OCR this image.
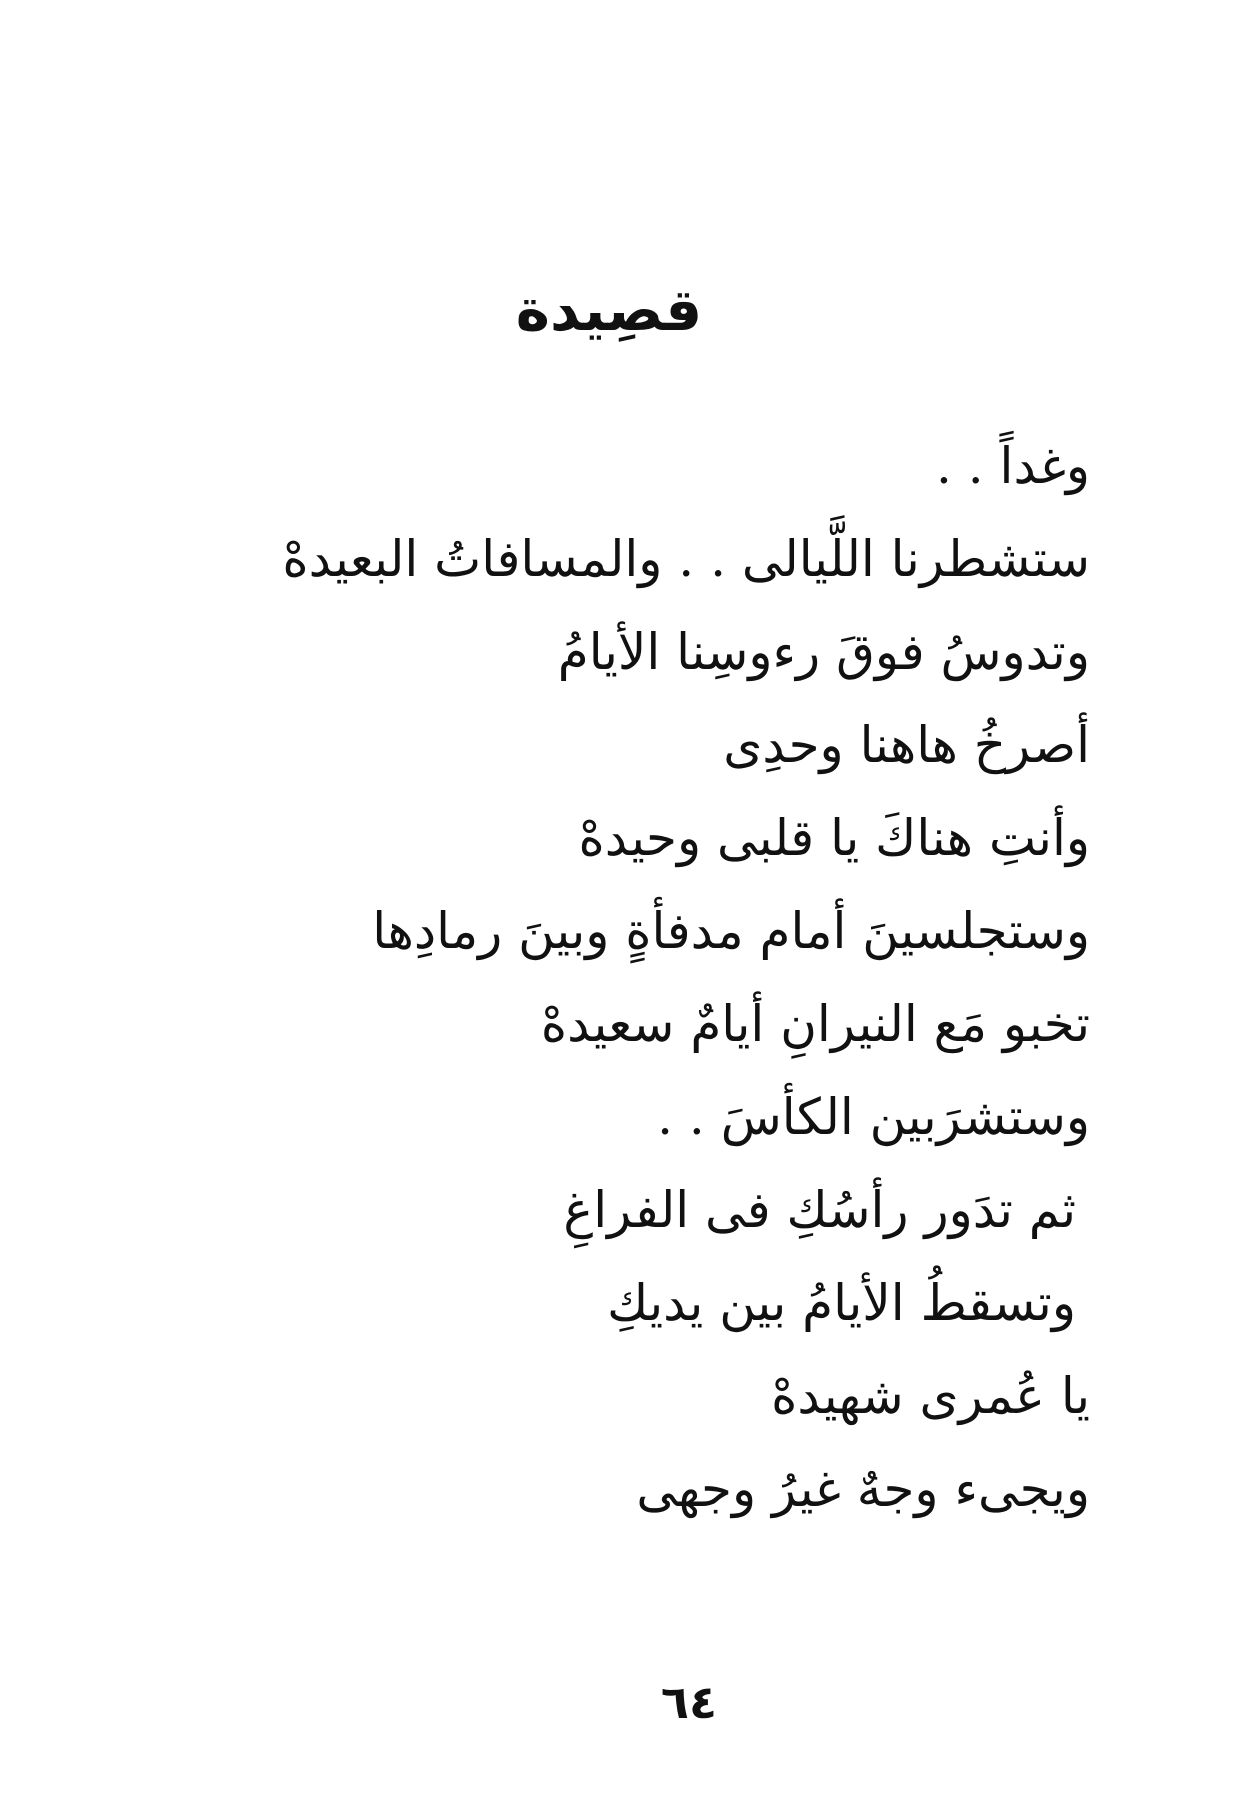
قصِيدة
وغداً . .
ستشطرنا اللَّيالى . . والمسافاتُ البعيدهْ
وتدوسُ فوقَ رءوسِنا الأيامُ
أصرخُ هاهنا وحدِى
وأنتِ هناكَ يا قلبى وحيدهْ
وستجلسينَ أمام مدفأةٍ وبينَ رمادِها
تخبو مَع النيرانِ أيامٌ سعيدهْ
وستشرَبين الكأسَ . .
ثم تدَور رأسُكِ فى الفراغِ
وتسقطُ الأيامُ بين يديكِ
يا عُمرى شهيدهْ
ويجىء وجهٌ غيرُ وجهى
٦٤
